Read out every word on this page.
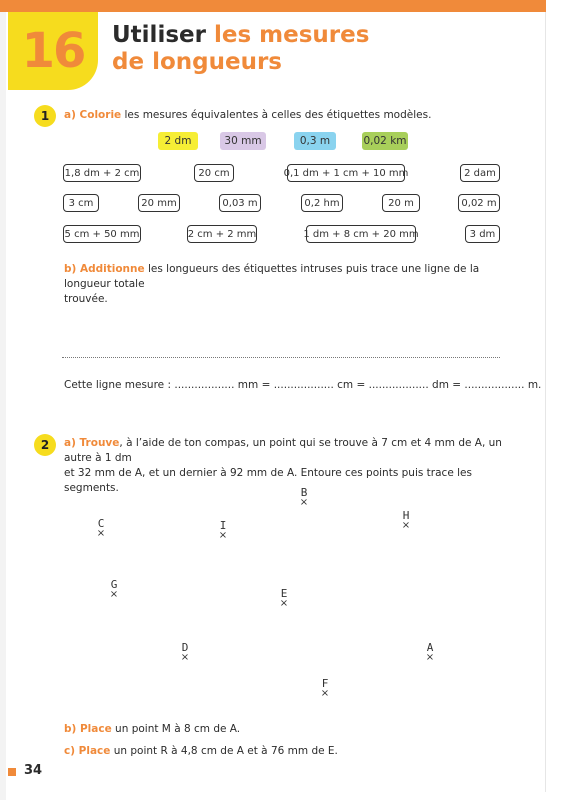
16 Utiliser les mesures
de longueurs
1	a) Colorie les mesures équivalentes à celles des étiquettes modèles.
2 dm	30 mm	0,3 m	0,02 km
1,8 dm + 2 cm	20 cm	0,1 dm + 1 cm + 10 mm	2 dam
3 cm	20 mm	0,03 m	0,2 hm	20 m	0,02 m
5 cm + 50 mm	2 cm + 2 mm	1 dm + 8 cm + 20 mm	3 dm
b) Additionne les longueurs des étiquettes intruses puis trace une ligne de la longueur totale
trouvée.
Cette ligne mesure : .................. mm = .................. cm = .................. dm = .................. m.
2	a) Trouve, à l’aide de ton compas, un point qui se trouve à 7 cm et 4 mm de A, un autre à 1 dm
et 32 mm de A, et un dernier à 92 mm de A. Entoure ces points puis trace les segments.	B
×
H
×
C
×
I
×
G
×	E
×
D
×
A
×
F
×
b) Place un point M à 8 cm de A.
c) Place un point R à 4,8 cm de A et à 76 mm de E.
34
